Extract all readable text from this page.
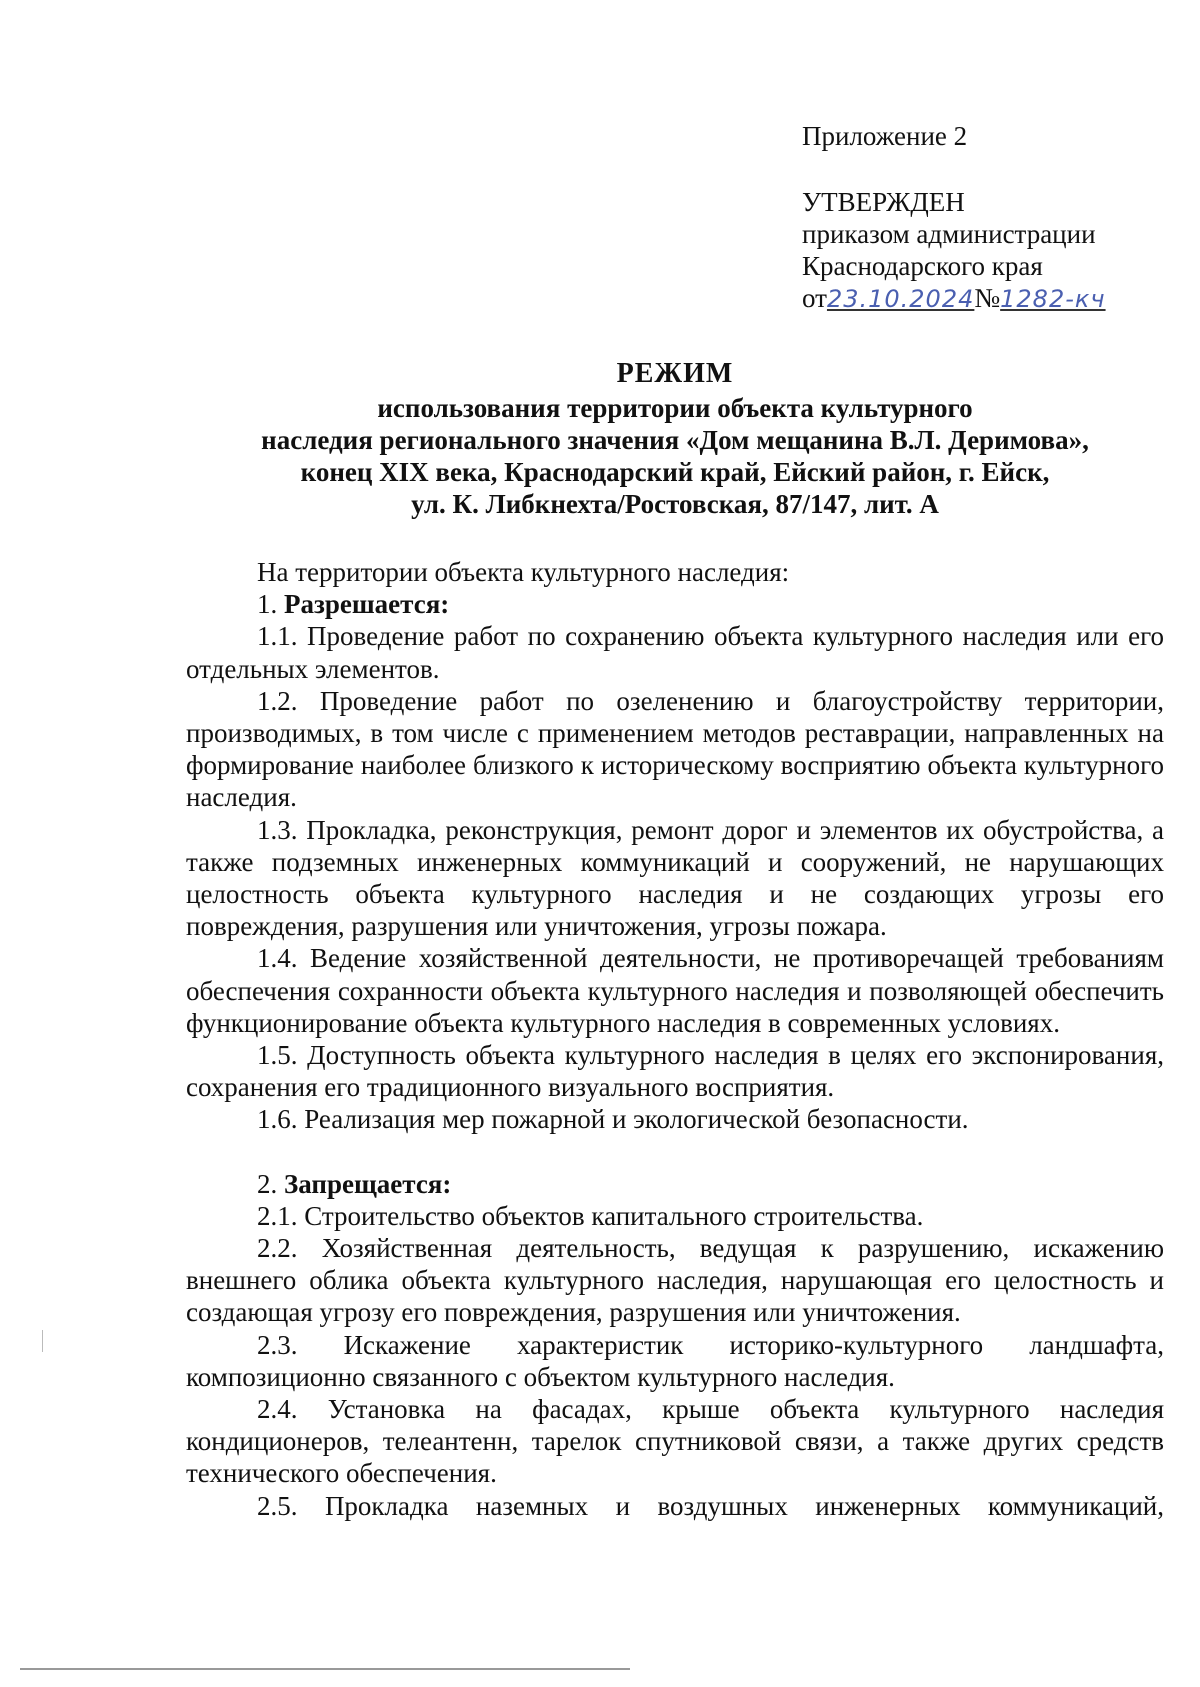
Приложение 2
УТВЕРЖДЕН
приказом администрации
Краснодарского края
от23.10.2024№1282-кч
РЕЖИМ
использования территории объекта культурного
наследия регионального значения «Дом мещанина В.Л. Деримова»,
конец XIX века, Краснодарский край, Ейский район, г. Ейск,
ул. К. Либкнехта/Ростовская, 87/147, лит. А

На территории объекта культурного наследия:

1. Разрешается:

1.1. Проведение работ по сохранению объекта культурного наследия или его отдельных элементов.

1.2. Проведение работ по озеленению и благоустройству территории, производимых, в том числе с применением методов реставрации, направленных на формирование наиболее близкого к историческому восприятию объекта культурного наследия.

1.3. Прокладка, реконструкция, ремонт дорог и элементов их обустройства, а также подземных инженерных коммуникаций и сооружений, не нарушающих целостность объекта культурного наследия и не создающих угрозы его повреждения, разрушения или уничтожения, угрозы пожара.

1.4. Ведение хозяйственной деятельности, не противоречащей требованиям обеспечения сохранности объекта культурного наследия и позволяющей обеспечить функционирование объекта культурного наследия в современных условиях.

1.5. Доступность объекта культурного наследия в целях его экспонирования, сохранения его традиционного визуального восприятия.

1.6. Реализация мер пожарной и экологической безопасности.

2. Запрещается:

2.1. Строительство объектов капитального строительства.

2.2. Хозяйственная деятельность, ведущая к разрушению, искажению внешнего облика объекта культурного наследия, нарушающая его целостность и создающая угрозу его повреждения, разрушения или уничтожения.

2.3. Искажение характеристик историко-культурного ландшафта, композиционно связанного с объектом культурного наследия.

2.4. Установка на фасадах, крыше объекта культурного наследия кондиционеров, телеантенн, тарелок спутниковой связи, а также других средств технического обеспечения.

2.5. Прокладка наземных и воздушных инженерных коммуникаций,
